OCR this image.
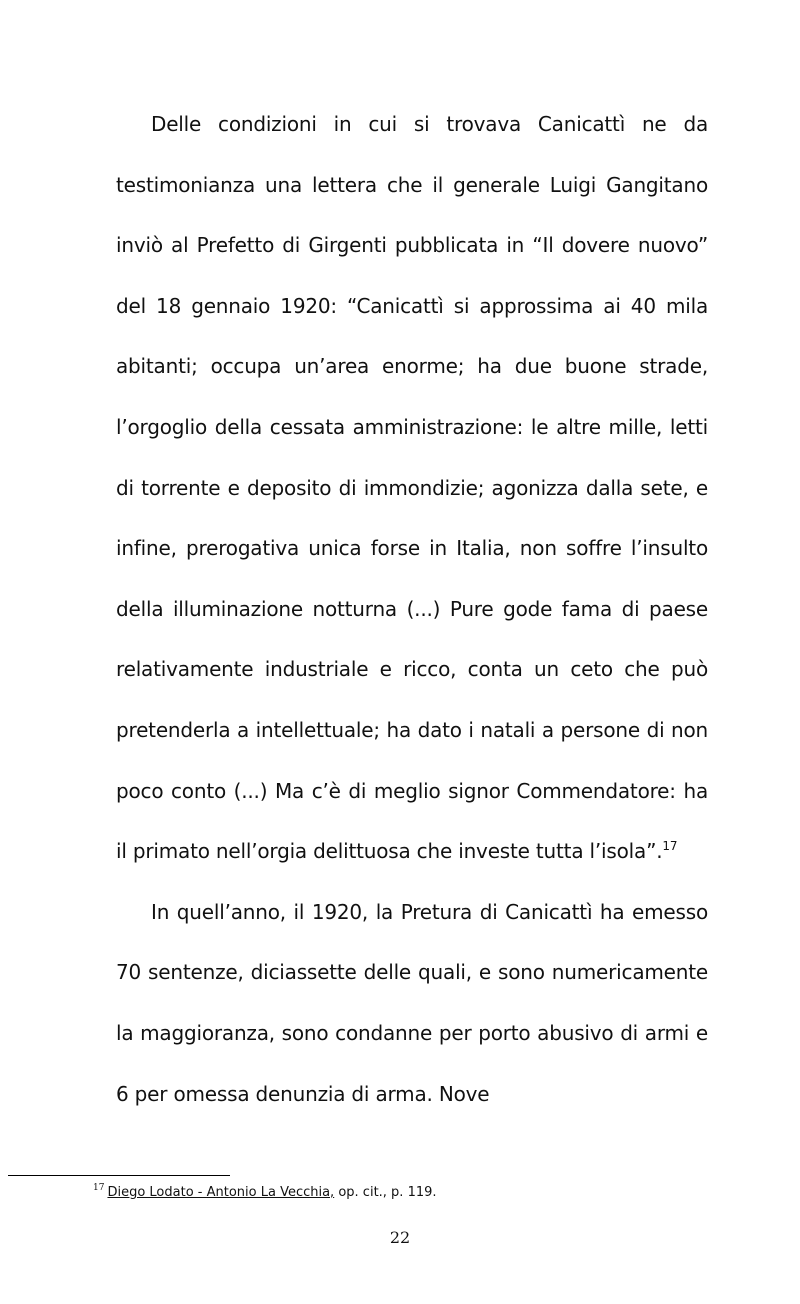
Delle condizioni in cui si trovava Canicattì ne da testimonianza una lettera che il generale Luigi Gangitano inviò al Prefetto di Girgenti pubblicata in “Il dovere nuovo” del 18 gennaio 1920: “Canicattì si approssima ai 40 mila abitanti; occupa un’area enorme; ha due buone strade, l’orgoglio della cessata amministrazione: le altre mille, letti di torrente e deposito di immondizie; agonizza dalla sete, e infine, prerogativa unica forse in Italia, non soffre l’insulto della illuminazione notturna (...) Pure gode fama di paese relativamente industriale e ricco, conta un ceto che può pretenderla a intellettuale; ha dato i natali a persone di non poco conto (...) Ma c’è di meglio signor Commendatore: ha il primato nell’orgia delittuosa che investe tutta l’isola”.$^{17}$

In quell’anno, il 1920, la Pretura di Canicattì ha emesso 70 sentenze, diciassette delle quali, e sono numericamente la maggioranza, sono condanne per porto abusivo di armi e 6 per omessa denunzia di arma. Nove

$^{17}$ Diego Lodato - Antonio La Vecchia, op. cit., p. 119.
22
